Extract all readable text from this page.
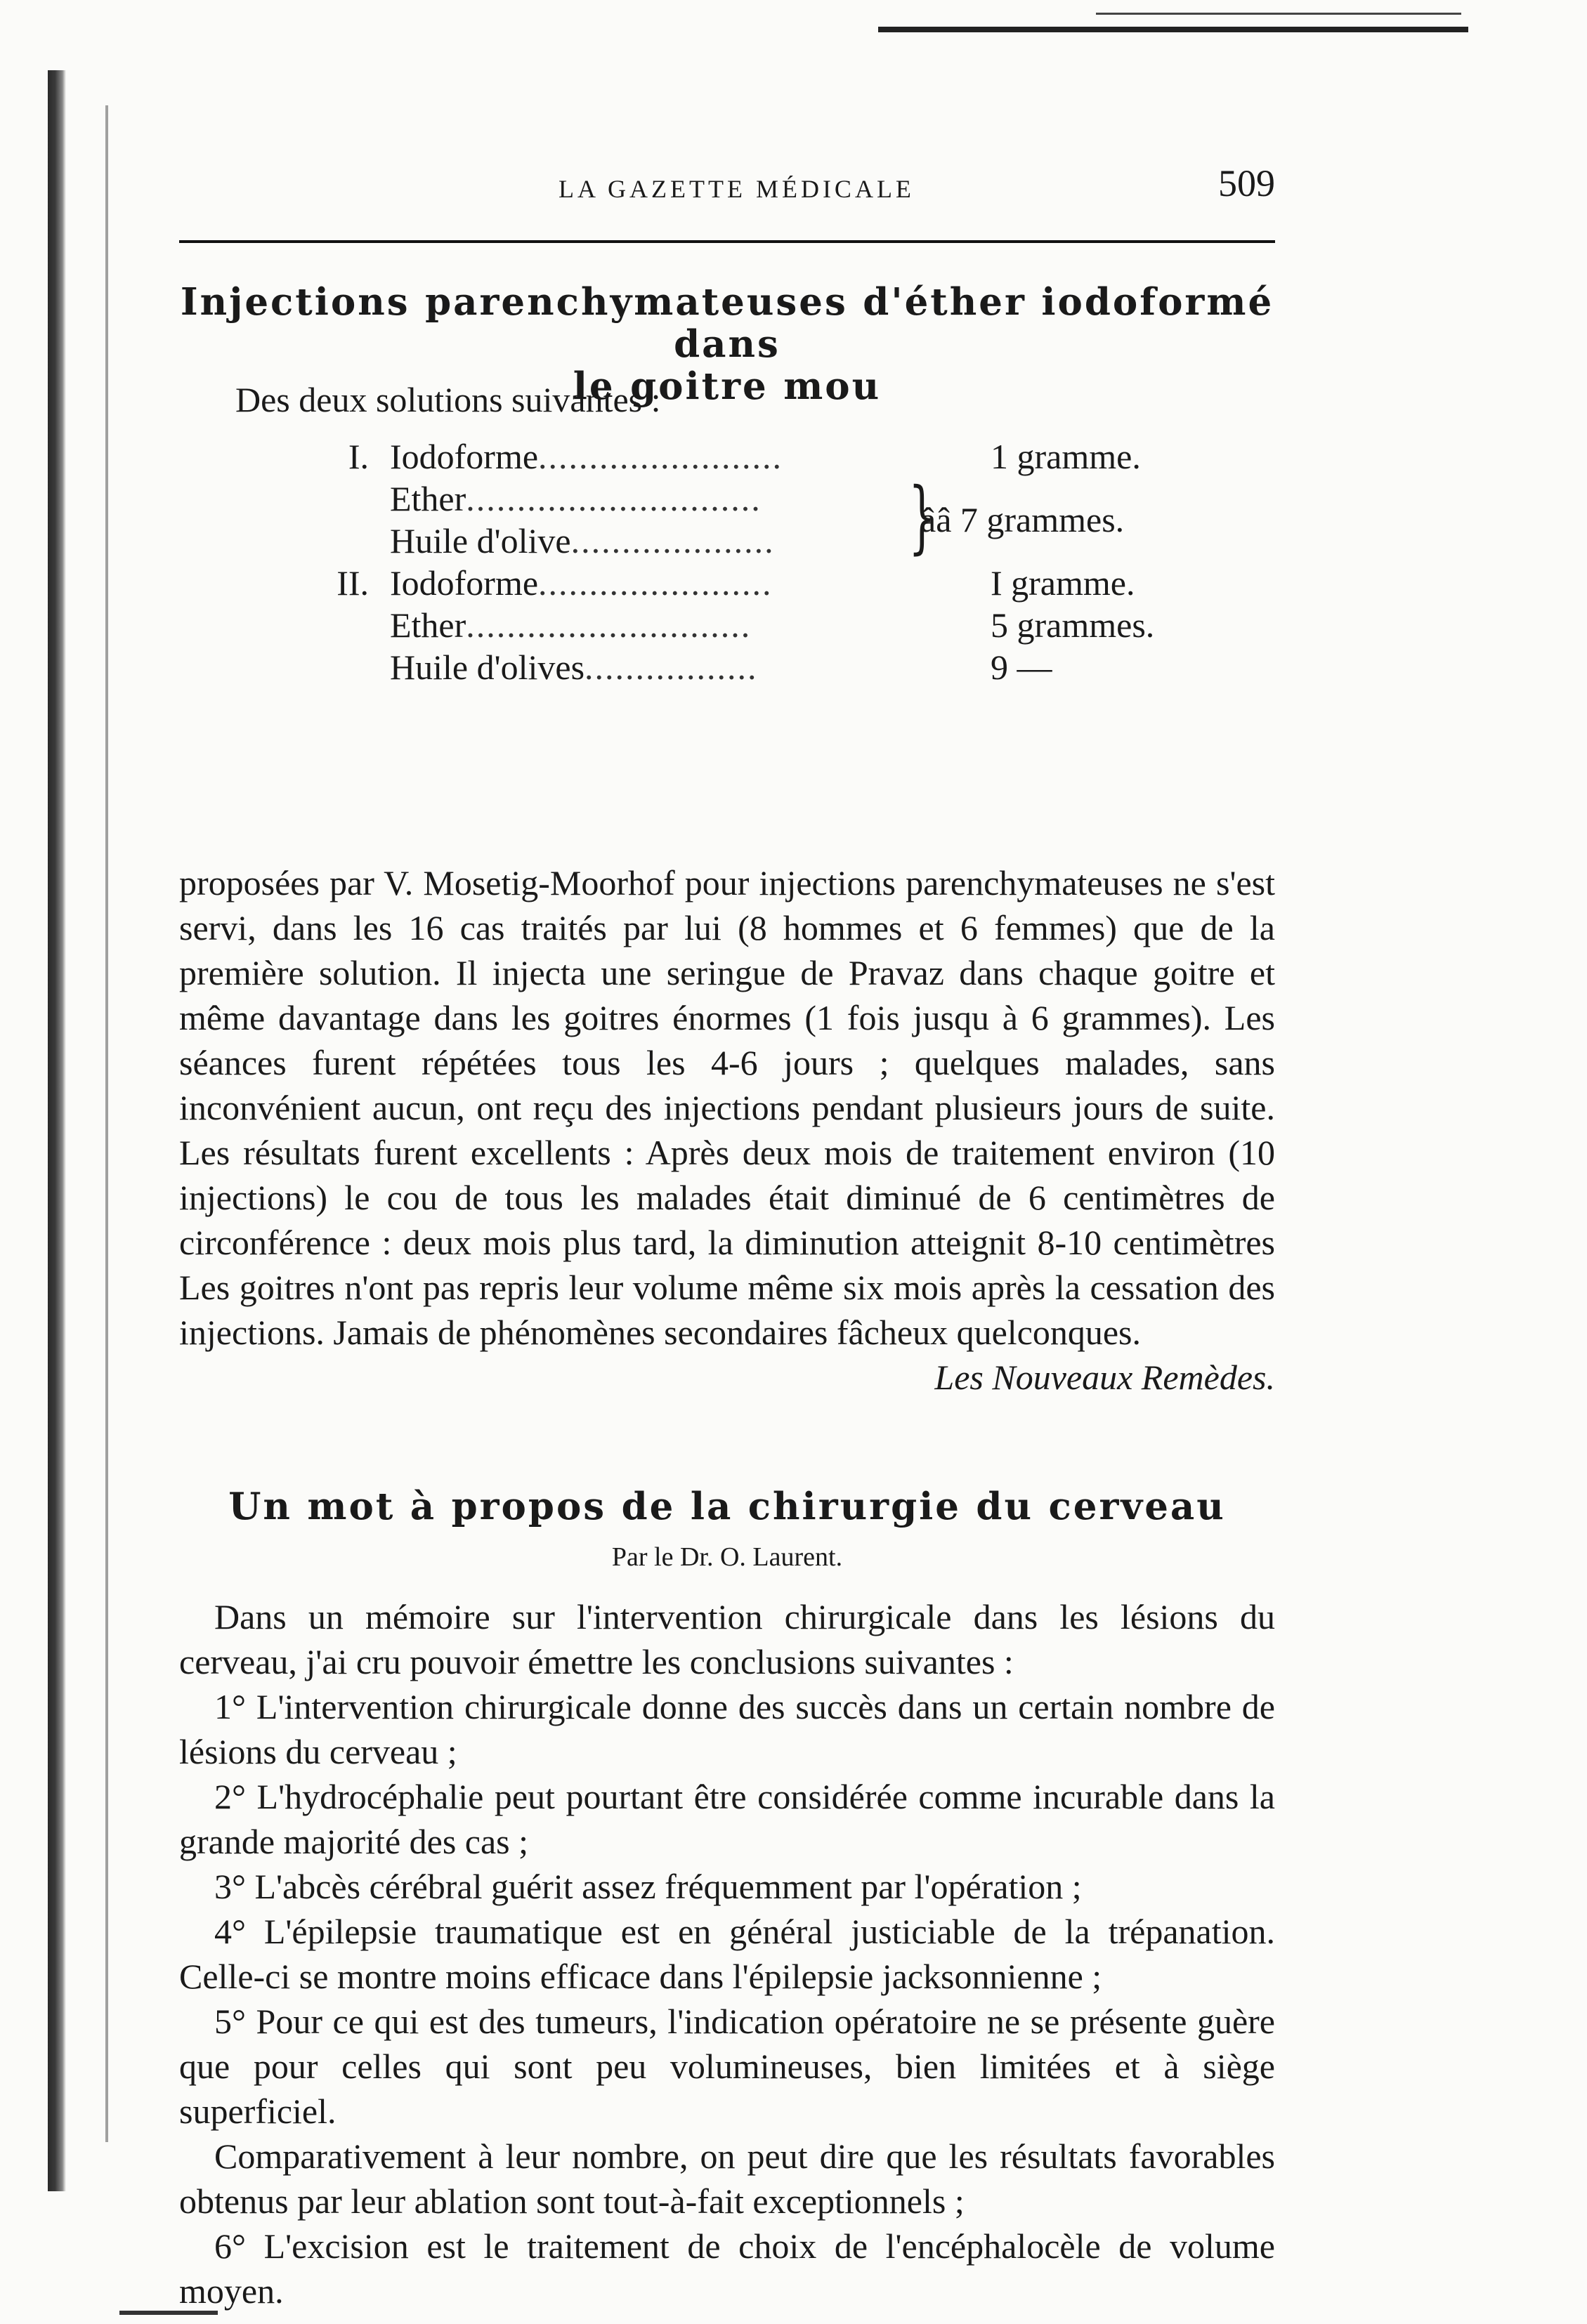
LA GAZETTE MÉDICALE	509
Injections parenchymateuses d'éther iodoformé dans
le goitre mou
Des deux solutions suivantes :
I. Iodoforme........................	1 gramme.
Ether.............................
Huile d'olive.................... }
ââ 7 grammes.
II. Iodoforme.......................	I gramme.
Ether............................	5 grammes.
Huile d'olives.................	9 —

proposées par V. Mosetig-Moorhof pour injections parenchymateuses ne s'est servi, dans les 16 cas traités par lui (8 hommes et 6 femmes) que de la première solution. Il injecta une seringue de Pravaz dans chaque goitre et même davantage dans les goitres énormes (1 fois jusqu à 6 grammes). Les séances furent répétées tous les 4-6 jours ; quelques malades, sans inconvénient aucun, ont reçu des injections pendant plusieurs jours de suite. Les résultats furent excellents : Après deux mois de traitement environ (10 injections) le cou de tous les malades était diminué de 6 centimètres de circonférence : deux mois plus tard, la diminution atteignit 8-10 centimètres Les goitres n'ont pas repris leur volume même six mois après la cessation des injections. Jamais de phénomènes secondaires fâcheux quelconques.

Les Nouveaux Remèdes.

Un mot à propos de la chirurgie du cerveau
Par le Dr. O. Laurent.

Dans un mémoire sur l'intervention chirurgicale dans les lésions du cerveau, j'ai cru pouvoir émettre les conclusions suivantes :

1° L'intervention chirurgicale donne des succès dans un certain nombre de lésions du cerveau ;

2° L'hydrocéphalie peut pourtant être considérée comme incurable dans la grande majorité des cas ;

3° L'abcès cérébral guérit assez fréquemment par l'opération ;

4° L'épilepsie traumatique est en général justiciable de la trépanation. Celle-ci se montre moins efficace dans l'épilepsie jacksonnienne ;

5° Pour ce qui est des tumeurs, l'indication opératoire ne se présente guère que pour celles qui sont peu volumineuses, bien limitées et à siège superficiel.

Comparativement à leur nombre, on peut dire que les résultats favorables obtenus par leur ablation sont tout-à-fait exceptionnels ;

6° L'excision est le traitement de choix de l'encéphalocèle de volume moyen.
